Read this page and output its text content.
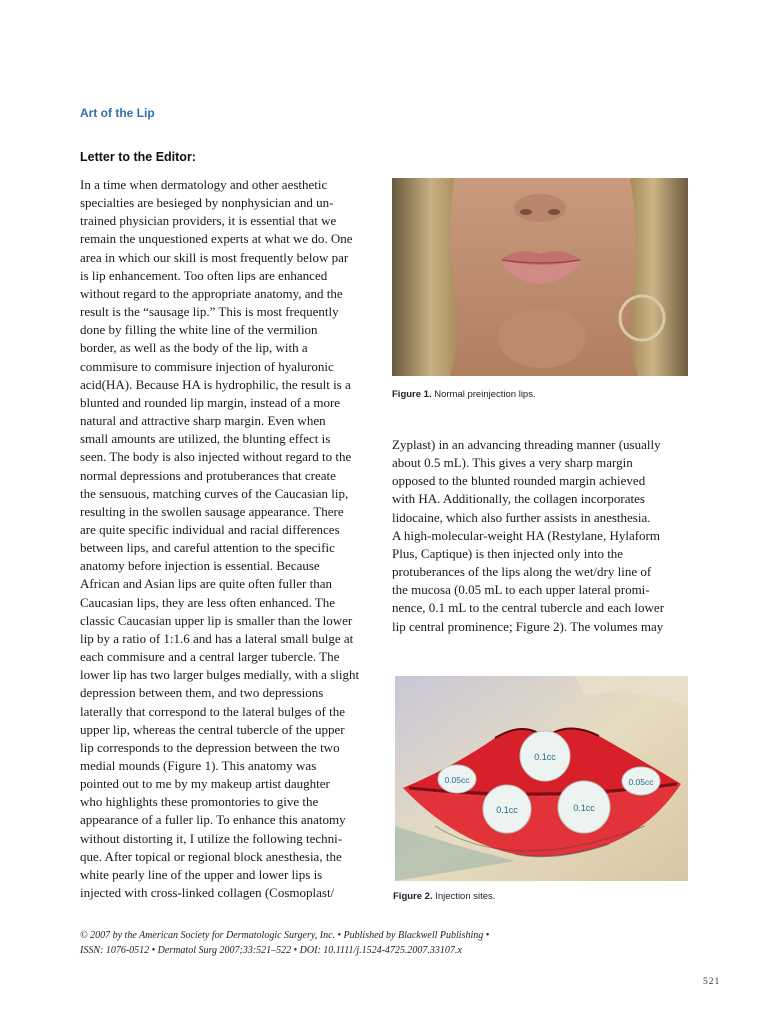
Art of the Lip
Letter to the Editor:

In a time when dermatology and other aesthetic

specialties are besieged by nonphysician and un-

trained physician providers, it is essential that we

remain the unquestioned experts at what we do. One

area in which our skill is most frequently below par

is lip enhancement. Too often lips are enhanced

without regard to the appropriate anatomy, and the

result is the “sausage lip.” This is most frequently

done by filling the white line of the vermilion

border, as well as the body of the lip, with a

commisure to commisure injection of hyaluronic

acid(HA). Because HA is hydrophilic, the result is a

blunted and rounded lip margin, instead of a more

natural and attractive sharp margin. Even when

small amounts are utilized, the blunting effect is

seen. The body is also injected without regard to the

normal depressions and protuberances that create

the sensuous, matching curves of the Caucasian lip,

resulting in the swollen sausage appearance. There

are quite specific individual and racial differences

between lips, and careful attention to the specific

anatomy before injection is essential. Because

African and Asian lips are quite often fuller than

Caucasian lips, they are less often enhanced. The

classic Caucasian upper lip is smaller than the lower

lip by a ratio of 1:1.6 and has a lateral small bulge at

each commisure and a central larger tubercle. The

lower lip has two larger bulges medially, with a slight

depression between them, and two depressions

laterally that correspond to the lateral bulges of the

upper lip, whereas the central tubercle of the upper

lip corresponds to the depression between the two

medial mounds (Figure 1). This anatomy was

pointed out to me by my makeup artist daughter

who highlights these promontories to give the

appearance of a fuller lip. To enhance this anatomy

without distorting it, I utilize the following techni-

que. After topical or regional block anesthesia, the

white pearly line of the upper and lower lips is

injected with cross-linked collagen (Cosmoplast/

Figure 1. Normal preinjection lips.

Zyplast) in an advancing threading manner (usually

about 0.5 mL). This gives a very sharp margin

opposed to the blunted rounded margin achieved

with HA. Additionally, the collagen incorporates

lidocaine, which also further assists in anesthesia.

A high-molecular-weight HA (Restylane, Hylaform

Plus, Captique) is then injected only into the

protuberances of the lips along the wet/dry line of

the mucosa (0.05 mL to each upper lateral promi-

nence, 0.1 mL to the central tubercle and each lower

lip central prominence; Figure 2). The volumes may

0.1cc
0.05cc	0.05cc
0.1cc	0.1cc
Figure 2. Injection sites.
© 2007 by the American Society for Dermatologic Surgery, Inc. • Published by Blackwell Publishing •
ISSN: 1076-0512 • Dermatol Surg 2007;33:521–522 • DOI: 10.1111/j.1524-4725.2007.33107.x
521
